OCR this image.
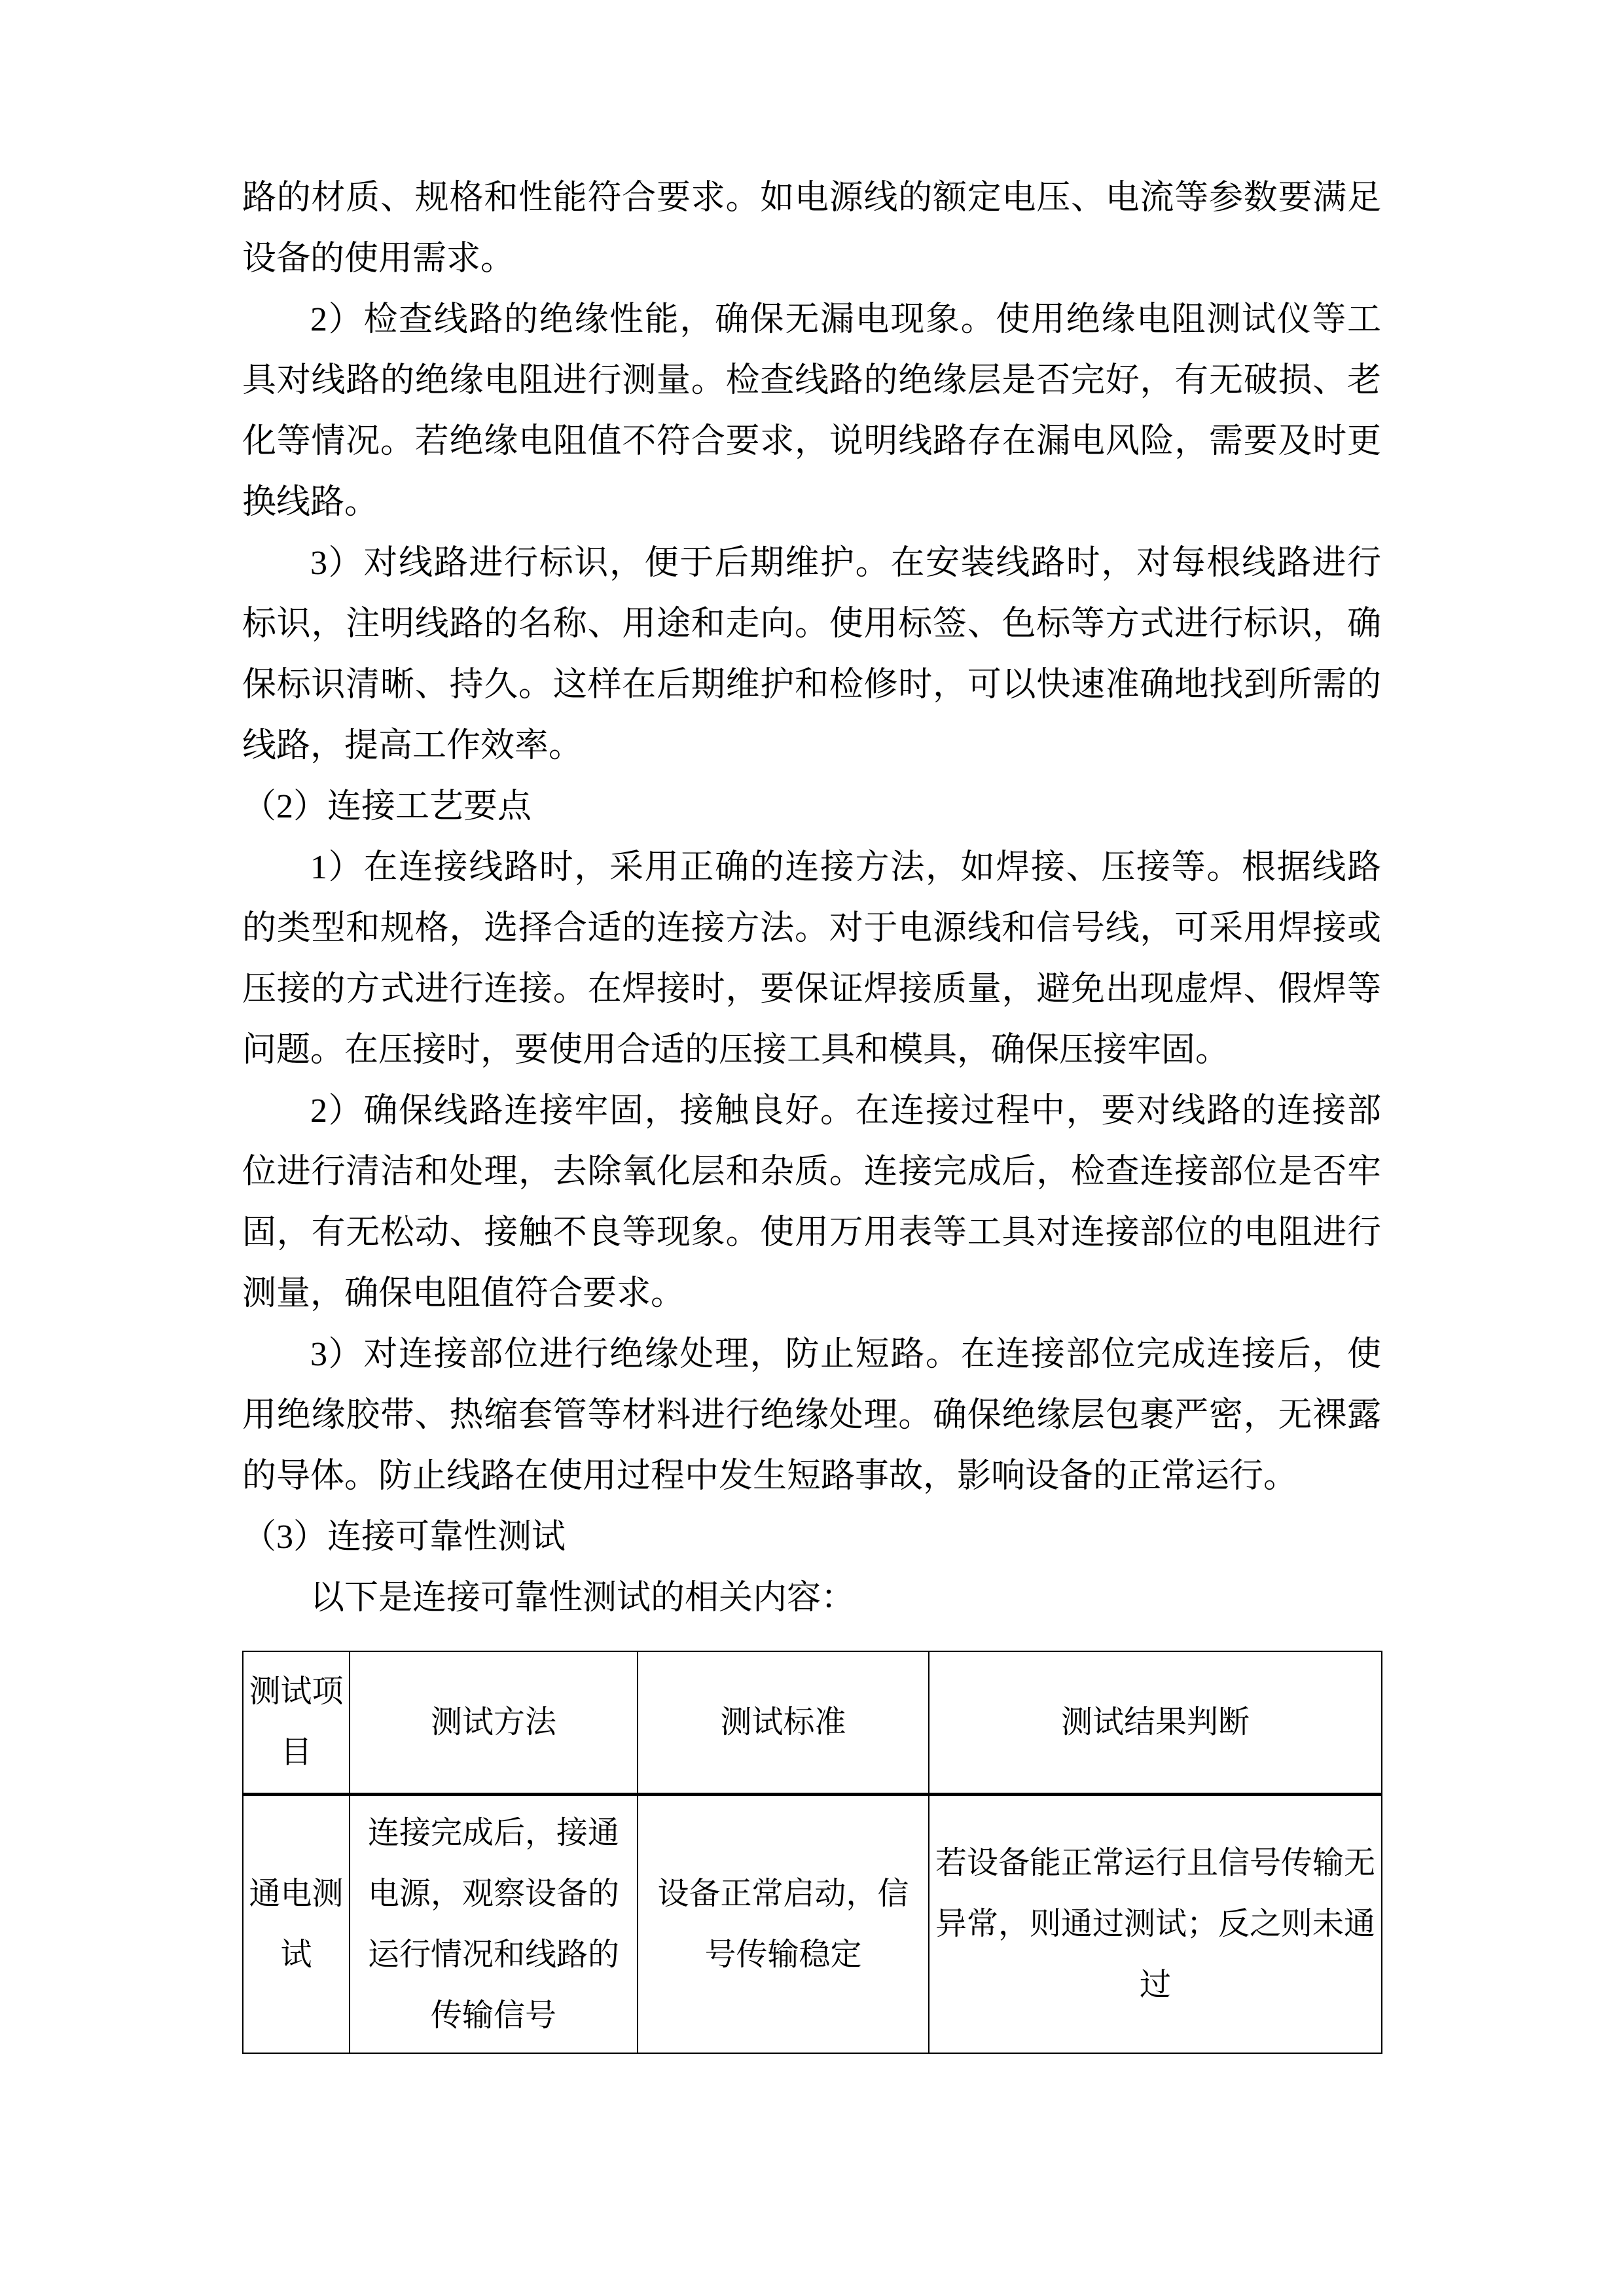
路的材质、规格和性能符合要求。如电源线的额定电压、电流等参数要满足设备的使用需求。

2）检查线路的绝缘性能，确保无漏电现象。使用绝缘电阻测试仪等工具对线路的绝缘电阻进行测量。检查线路的绝缘层是否完好，有无破损、老化等情况。若绝缘电阻值不符合要求，说明线路存在漏电风险，需要及时更换线路。

3）对线路进行标识，便于后期维护。在安装线路时，对每根线路进行标识，注明线路的名称、用途和走向。使用标签、色标等方式进行标识，确保标识清晰、持久。这样在后期维护和检修时，可以快速准确地找到所需的线路，提高工作效率。

（2）连接工艺要点

1）在连接线路时，采用正确的连接方法，如焊接、压接等。根据线路的类型和规格，选择合适的连接方法。对于电源线和信号线，可采用焊接或压接的方式进行连接。在焊接时，要保证焊接质量，避免出现虚焊、假焊等问题。在压接时，要使用合适的压接工具和模具，确保压接牢固。

2）确保线路连接牢固，接触良好。在连接过程中，要对线路的连接部位进行清洁和处理，去除氧化层和杂质。连接完成后，检查连接部位是否牢固，有无松动、接触不良等现象。使用万用表等工具对连接部位的电阻进行测量，确保电阻值符合要求。

3）对连接部位进行绝缘处理，防止短路。在连接部位完成连接后，使用绝缘胶带、热缩套管等材料进行绝缘处理。确保绝缘层包裹严密，无裸露的导体。防止线路在使用过程中发生短路事故，影响设备的正常运行。

（3）连接可靠性测试

以下是连接可靠性测试的相关内容：

测试项目	测试方法	测试标准	测试结果判断

通电测试	连接完成后，接通电源，观察设备的运行情况和线路的传输信号	设备正常启动，信号传输稳定	若设备能正常运行且信号传输无异常，则通过测试；反之则未通过
